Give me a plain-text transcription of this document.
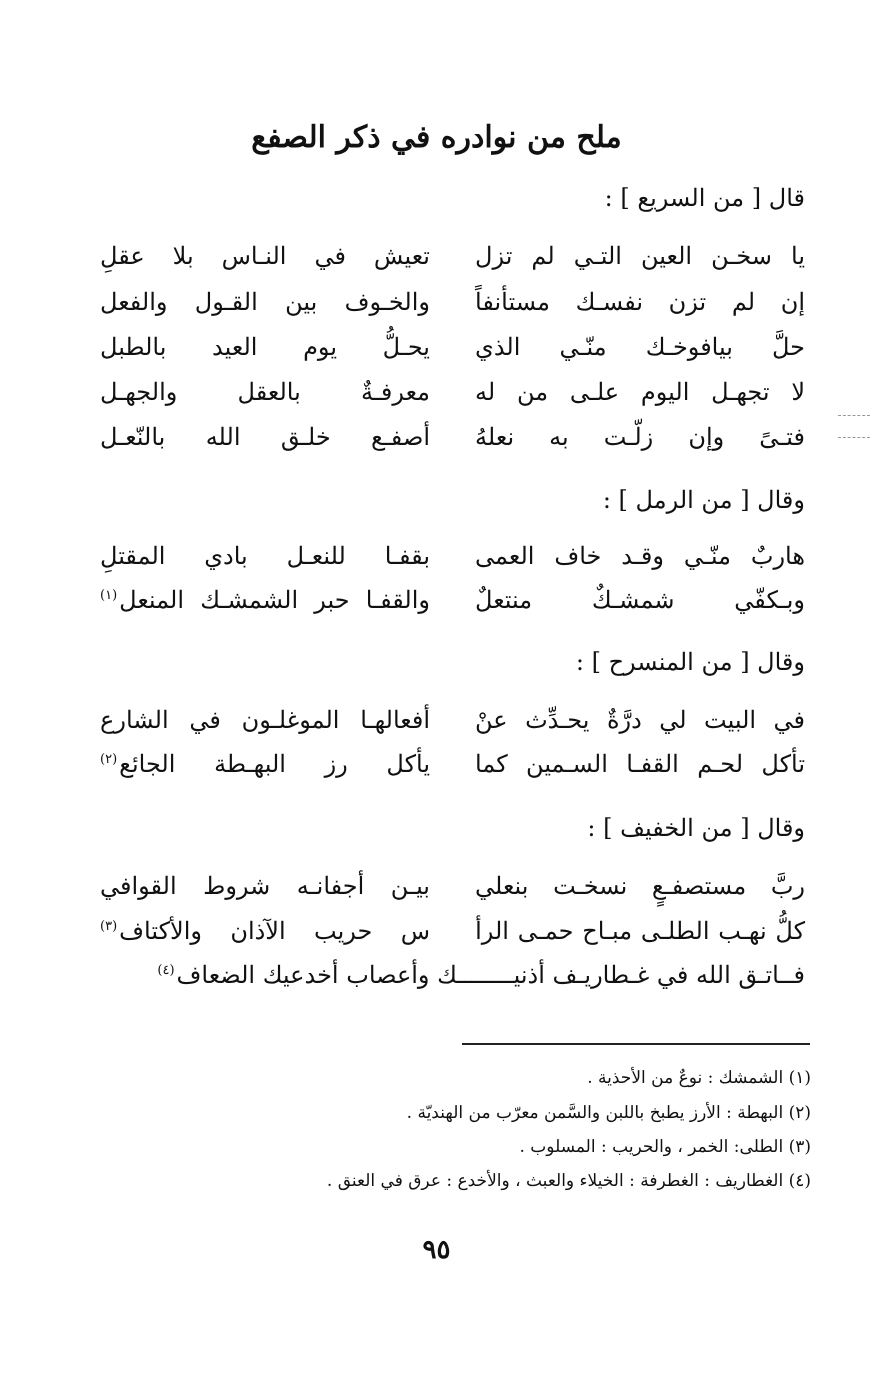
ملح من نوادره في ذكر الصفع
قال [ من السريع ] :
يا
سخـن
العين
التـي
لم
تزل
تعيش
في
النـاس
بلا
عقلِ
إن
لم
تزن
نفسـك
مستأنفاً
والخـوف
بين
القـول
والفعل
حلَّ
بيافوخـك
منّـي
الذي
يحـلُّ
يوم
العيد
بالطبل
لا
تجهـل
اليوم
علـى
من
له
معرفـةٌ
بالعقل
والجهـل
فتـىً
وإن
زلّـت
به
نعلهُ
أصفـع
خلـق
الله
بالنّعـل
وقال [ من الرمل ] :
هاربٌ
منّـي
وقـد
خاف
العمى
بقفـا
للنعـل
بادي
المقتلِ
وبـكفّي
شمشـكٌ
منتعلٌ
والقفـا
حبر
الشمشـك
المنعل$^{(١)}$
وقال [ من المنسرح ] :
في
البيت
لي
درَّةٌ
يحـدِّث
عنْ
أفعالهـا
الموغلـون
في
الشارع
تأكل
لحـم
القفـا
السـمين
كما
يأكل
رز
البهـطة
الجائع$^{(٢)}$
وقال [ من الخفيف ] :
ربَّ
مستصفـعٍ
نسخـت
بنعلي
بيـن
أجفانـه
شروط
القوافي
كلُّ
نهـب
الطلـى
مبـاح
حمـى
الرأ
س
حريب
الآذان
والأكتاف$^{(٣)}$
فــاتـق الله في غـطاريـف أذنيــــــــك وأعصاب أخدعيك الضعاف$^{(٤)}$
(١) الشمشك : نوعٌ من الأحذية .
(٢) البهطة : الأرز يطبخ باللبن والسَّمن معرّب من الهنديّة .
(٣) الطلى: الخمر ، والحريب : المسلوب .
(٤) الغطاريف : الغطرفة : الخيلاء والعبث ، والأخدع : عرق في العنق .
٩٥
